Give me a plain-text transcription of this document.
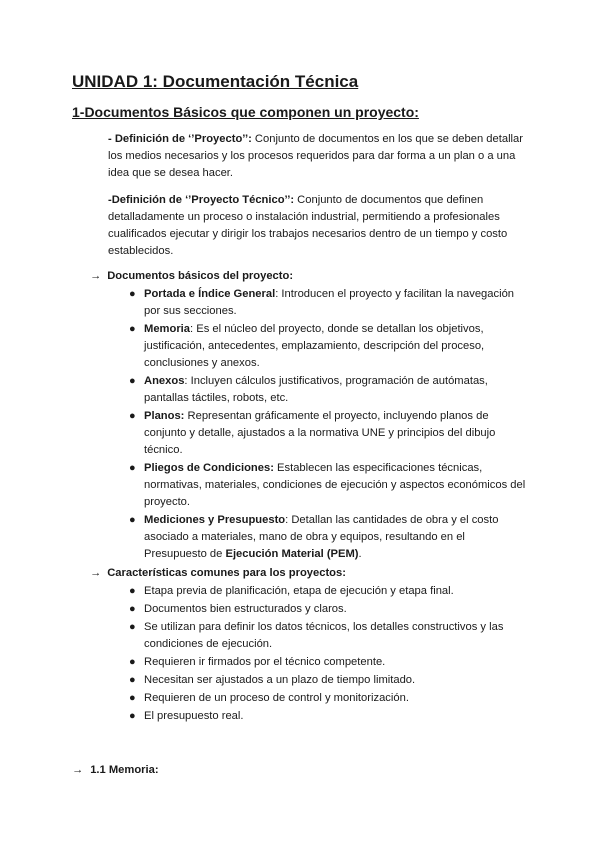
UNIDAD 1: Documentación Técnica
1-Documentos Básicos que componen un proyecto:

- Definición de ‘’Proyecto’’: Conjunto de documentos en los que se deben detallar los medios necesarios y los procesos requeridos para dar forma a un plan o a una idea que se desea hacer.

-Definición de ‘’Proyecto Técnico’’: Conjunto de documentos que definen detalladamente un proceso o instalación industrial, permitiendo a profesionales cualificados ejecutar y dirigir los trabajos necesarios dentro de un tiempo y costo establecidos.

→ Documentos básicos del proyecto:
● Portada e Índice General: Introducen el proyecto y facilitan la navegación por sus secciones.
● Memoria: Es el núcleo del proyecto, donde se detallan los objetivos, justificación, antecedentes, emplazamiento, descripción del proceso, conclusiones y anexos.
● Anexos: Incluyen cálculos justificativos, programación de autómatas, pantallas táctiles, robots, etc.
● Planos: Representan gráficamente el proyecto, incluyendo planos de conjunto y detalle, ajustados a la normativa UNE y principios del dibujo técnico.
● Pliegos de Condiciones: Establecen las especificaciones técnicas, normativas, materiales, condiciones de ejecución y aspectos económicos del proyecto.
● Mediciones y Presupuesto: Detallan las cantidades de obra y el costo asociado a materiales, mano de obra y equipos, resultando en el Presupuesto de Ejecución Material (PEM).
→ Características comunes para los proyectos:
● Etapa previa de planificación, etapa de ejecución y etapa final.
● Documentos bien estructurados y claros.
● Se utilizan para definir los datos técnicos, los detalles constructivos y las condiciones de ejecución.
● Requieren ir firmados por el técnico competente.
● Necesitan ser ajustados a un plazo de tiempo limitado.
● Requieren de un proceso de control y monitorización.
● El presupuesto real.
→ 1.1 Memoria:
